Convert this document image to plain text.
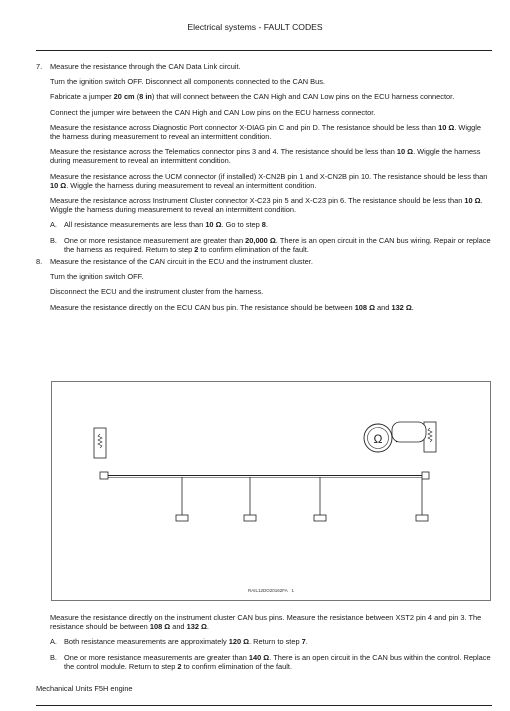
Electrical systems - FAULT CODES
7.	Measure the resistance through the CAN Data Link circuit.

Turn the ignition switch OFF. Disconnect all components connected to the CAN Bus.

Fabricate a jumper 20 cm (8 in) that will connect between the CAN High and CAN Low pins on the ECU harness connector.

Connect the jumper wire between the CAN High and CAN Low pins on the ECU harness connector.

Measure the resistance across Diagnostic Port connector X-DIAG pin C and pin D. The resistance should be less than 10 Ω. Wiggle the harness during measurement to reveal an intermittent condition.

Measure the resistance across the Telematics connector pins 3 and 4. The resistance should be less than 10 Ω. Wiggle the harness during measurement to reveal an intermittent condition.

Measure the resistance across the UCM connector (if installed) X-CN2B pin 1 and X-CN2B pin 10. The resistance should be less than 10 Ω. Wiggle the harness during measurement to reveal an intermittent condition.

Measure the resistance across Instrument Cluster connector X-C23 pin 5 and X-C23 pin 6. The resistance should be less than 10 Ω. Wiggle the harness during measurement to reveal an intermittent condition.

A. All resistance measurements are less than 10 Ω. Go to step 8.
B. One or more resistance measurement are greater than 20,000 Ω. There is an open circuit in the CAN bus wiring. Repair or replace the harness as required. Return to step 2 to confirm elimination of the fault.
8.	Measure the resistance of the CAN circuit in the ECU and the instrument cluster.

Turn the ignition switch OFF.

Disconnect the ECU and the instrument cluster from the harness.

Measure the resistance directly on the ECU CAN bus pin. The resistance should be between 108 Ω and 132 Ω.

Ω
RAIL12DO20162FA 1

Measure the resistance directly on the instrument cluster CAN bus pins. Measure the resistance between XST2 pin 4 and pin 3. The resistance should be between 108 Ω and 132 Ω.

A. Both resistance measurements are approximately 120 Ω. Return to step 7.
B. One or more resistance measurements are greater than 140 Ω. There is an open circuit in the CAN bus within the control. Replace the control module. Return to step 2 to confirm elimination of the fault.
Mechanical Units F5H engine
